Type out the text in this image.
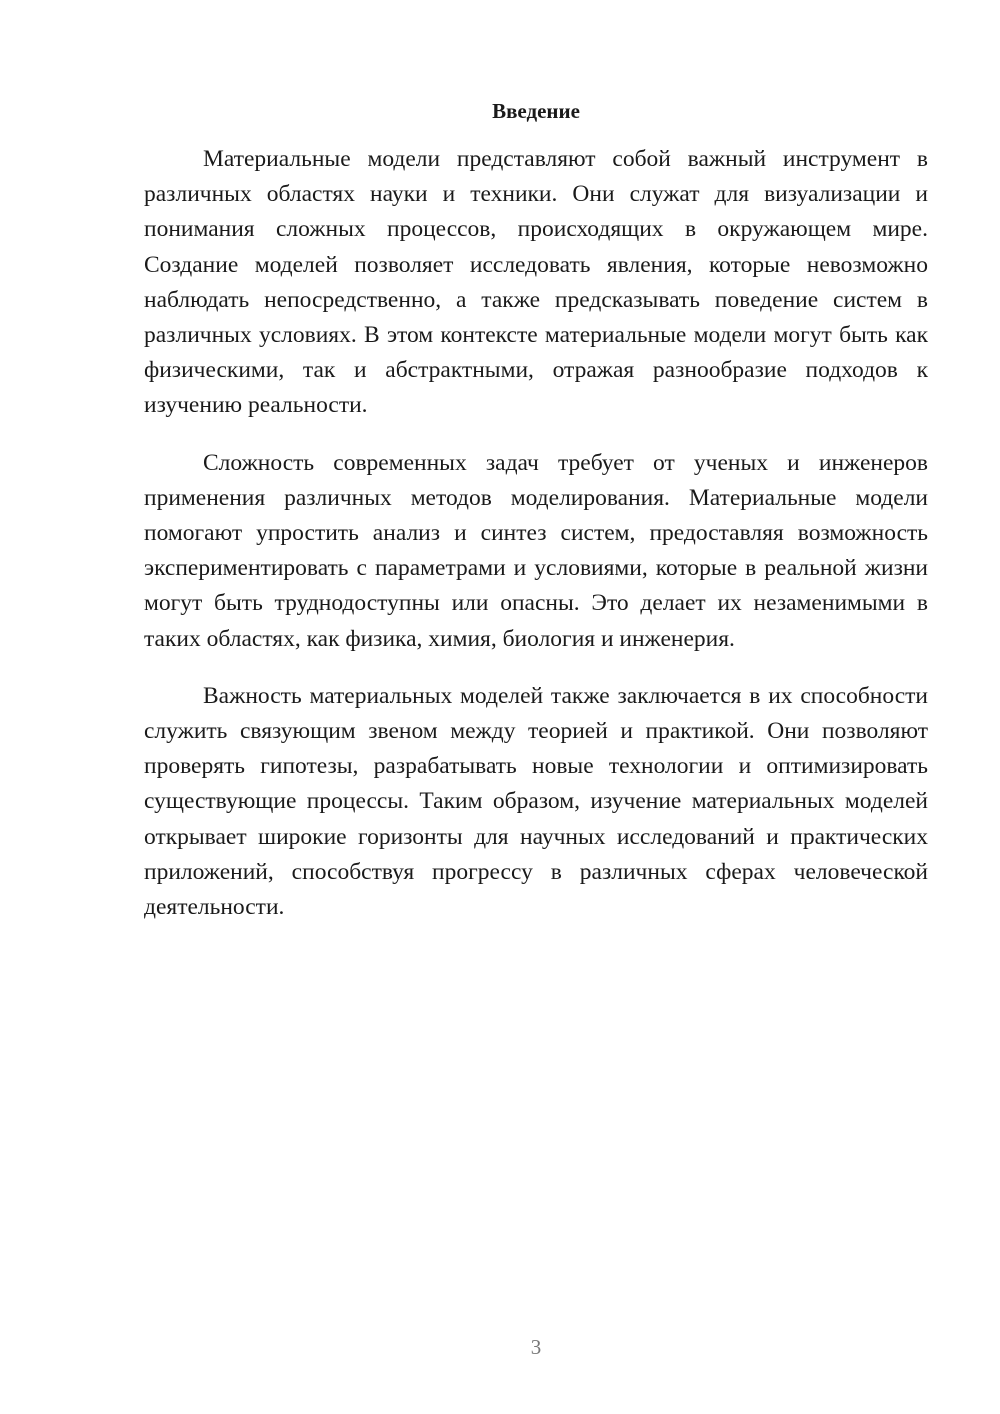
Введение

Материальные модели представляют собой важный инструмент в различных областях науки и техники. Они служат для визуализации и понимания сложных процессов, происходящих в окружающем мире. Создание моделей позволяет исследовать явления, которые невозможно наблюдать непосредственно, а также предсказывать поведение систем в различных условиях. В этом контексте материальные модели могут быть как физическими, так и абстрактными, отражая разнообразие подходов к изучению реальности.

Сложность современных задач требует от ученых и инженеров применения различных методов моделирования. Материальные модели помогают упростить анализ и синтез систем, предоставляя возможность экспериментировать с параметрами и условиями, которые в реальной жизни могут быть труднодоступны или опасны. Это делает их незаменимыми в таких областях, как физика, химия, биология и инженерия.

Важность материальных моделей также заключается в их способности служить связующим звеном между теорией и практикой. Они позволяют проверять гипотезы, разрабатывать новые технологии и оптимизировать существующие процессы. Таким образом, изучение материальных моделей открывает широкие горизонты для научных исследований и практических приложений, способствуя прогрессу в различных сферах человеческой деятельности.

3
